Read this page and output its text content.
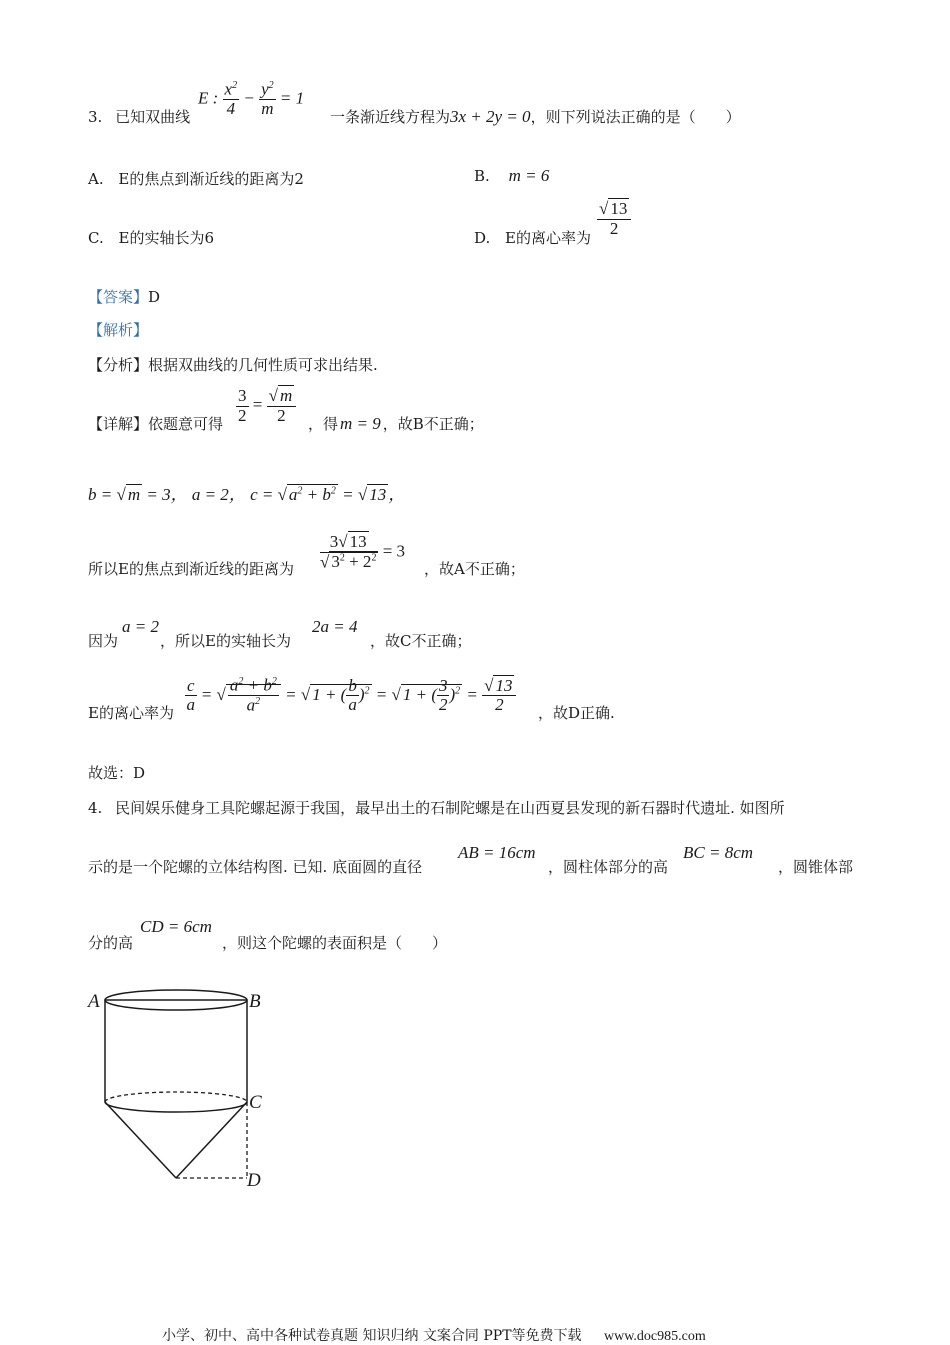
3. 已知双曲线
E : $\frac{x^2}{4} - \frac{y^2}{m} = 1$
一条渐近线方程为3x + 2y = 0，则下列说法正确的是（　　）
A. E的焦点到渐近线的距离为2	B. m = 6
C. E的实轴长为6	D. E的离心率为 $\frac{√ 13}{2}$
【答案】D
【解析】
【分析】根据双曲线的几何性质可求出结果.
【详解】依题意可得 $\frac{3}{2} = \frac{√ m}{2}$ ，得 m = 9 ，故B不正确；
b = √ m = 3， a = 2， c = √ $a^2 + b^2$ = √ 13 ，
所以E的焦点到渐近线的距离为 $\frac{3√ 13}{√ 3^2 + 2^2} = 3$
，故A不正确；
因为
a = 2
，所以E的实轴长为
2a = 4
，故C不正确；
E的离心率为 $\frac{c}{a}$ = √ $\frac{a^2 + b^2}{a^2}$ = √ 1 + ( $\frac{b}{a} )^2$ = √ 1 + ( $\frac{3}{2} )^2 = \frac{√ 13}{2}$ ，故D正确.
故选：D
4. 民间娱乐健身工具陀螺起源于我国，最早出土的石制陀螺是在山西夏县发现的新石器时代遗址. 如图所
示的是一个陀螺的立体结构图. 已知. 底面圆的直径
AB = 16cm
，圆柱体部分的高
BC = 8cm
，圆锥体部
分的高
CD = 6cm
，则这个陀螺的表面积是（　　）
A	B
C
D
小学、初中、高中各种试卷真题 知识归纳 文案合同 PPT等免费下载 www.doc985.com
